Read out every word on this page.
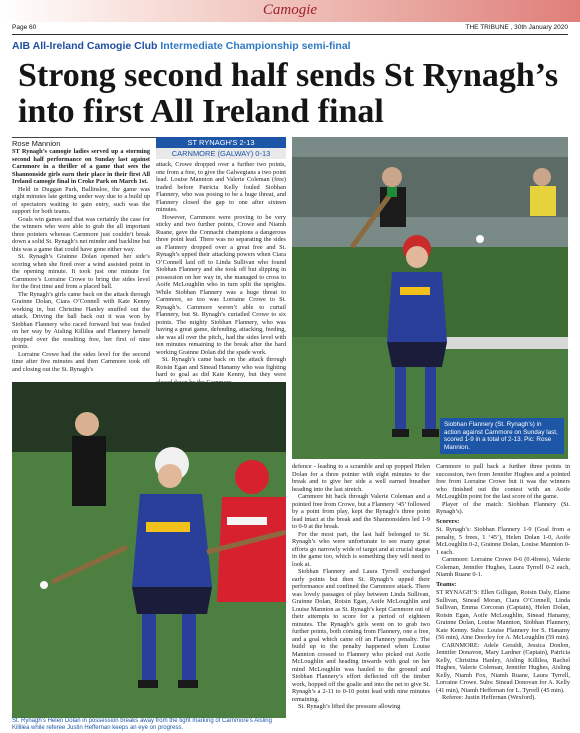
Camogie
Page 60	THE TRIBUNE , 30th January 2020
AIB All-Ireland Camogie Club Intermediate Championship semi-final
Strong second half sends St Rynagh’s into first All Ireland final
Rose Mannion

ST Rynagh’s camogie ladies served up a storming second half performance on Sunday last against Carnmore in a thriller of a game that sees the Shannonside girls earn their place in their first All Ireland camogie final in Croke Park on March 1st.

Held in Duggan Park, Ballinsloe, the game was eight minutes late getting under way due to a build up of spectators waiting to gain entry, such was the support for both teams.

Goals win games and that was certainly the case for the winners who were able to grab the all important three pointers whereas Carnmore just couldn’t break down a solid St. Rynagh’s net minder and backline but this was a game that could have gone either way.

St. Rynagh’s Grainne Dolan opened her side’s scoring when she fired over a wind assisted point in the opening minute. It took just one minute for Carnmore’s Lorraine Crowe to bring the sides level for the first time and from a placed ball.

The Rynagh’s girls came back on the attack through Grainne Dolan, Ciara O’Connell with Kate Kenny working in, but Christine Hanley snuffed out the attack. Driving the ball back out it was won by Siobhan Flannery who raced forward but was fouled on her way by Aisling Killilea and Flannery herself dropped over the resulting free, her first of nine points.

Lorraine Crowe had the sides level for the second time after five minutes and then Carnmore took off and closing out the St. Rynagh’s

ST RYNAGH'S 2-13
CARNMORE (GALWAY) 0-13

attack, Crowe dropped over a further two points, one from a free, to give the Galwegians a two point lead. Louise Mannion and Valerie Coleman (free) traded before Patricia Kelly fouled Siobhan Flannery, who was posing to be a huge threat, and Flannery closed the gap to one after sixteen minutes.

However, Carnmore were proving to be very sticky and two further points, Crowe and Niamh Ruane, gave the Connacht champions a dangerous three point lead. There was no separating the sides as Flannery dropped over a great free and St. Rynagh’s upped their attacking powers when Ciara O’Connell laid off to Linda Sullivan who found Siobhan Flannery and she took off but slipping in possession on her way in, she managed to cross to Aoife McLoughlin who in turn split the uprights. While Siobhan Flannery was a huge threat to Carnmore, so too was Lorraine Crowe to St. Rynagh’s. Carnmore weren’t able to curtail Flannery, but St. Rynagh’s curtailed Crowe to six points. The mighty Siobhan Flannery, who was having a great game, defending, attacking, feeding, she was all over the pitch,, had the sides level with ten minutes remaining to the break after the hard working Grainne Dolan did the spade work.

St. Rynagh’s came back on the attack through Roisin Egan and Sinead Hanamy who was fighting hard to goal as did Kate Kenny, but they were

Siobhan Flannery (St. Rynagh’s) in action against Carnmore on Sunday last, scored 1-9 in a total of 2-13. Pic: Rose Mannion.
St. Rynagh’s Helen Dolan in possession breaks away from the tight marking of Carnmore’s Aisling Killilea while referee Justin Heffernan keeps an eye on progress.

defence - leading to a scramble and up popped Helen Dolan for a three pointer with eight minutes to the break and to give her side a well earned breather heading into the last stretch.

Carnmore hit back through Valerie Coleman and a pointed free from Crowe, but a Flannery ‘45’ followed by a point from play, kept the Rynagh’s three point lead intact at the break and the Shannonsiders led 1-9 to 0-9 at the break.

For the most part, the last half belonged to St. Rynagh’s who were unfortunate to see many great efforts go narrowly wide of target and at crucial stages in the game too, which is something they will need to look at.

Siobhan Flannery and Laura Tyrrell exchanged early points but then St. Rynagh’s upped their performance and confined the Carnmore attack. There was lovely passages of play between Linda Sullivan, Grainne Dolan, Roisin Egan, Aoife McLoughlin and Louise Mannion as St. Rynagh’s kept Carnmore out of their attempts to score for a period of eighteen minutes. The Rynagh’s girls went on to grab two further points, both coming from Flannery, one a free, and a goal which came off an Flannery penalty. The build up to the penalty happened when Louise Mannion crossed to Flannery who picked out Aoife McLoughlin and heading inwards with goal on her mind McLoughlin was hauled to the ground and Siobhan Flannery’s effort deflected off the timber work, hopped off the goalie and into the net to give St. Rynagh’s a 2-11 to 0-10 point lead with nine minutes remaining.

St. Rynagh’s lifted the pressure allowing

Carnmore to pull back a further three points in succession, two from Jennifer Hughes and a pointed free from Lorraine Crowe but it was the winners who finished out the contest with an Aoife McLoughlin point for the last score of the game.

Player of the match: Siobhan Flannery (St. Rynagh’s).

Scorers:

St. Rynagh’s: Siobhan Flannery 1-9 (Goal from a penalty, 5 frees, 1 ‘45’), Helen Dolan 1-0, Aoife McLoughlin 0-2, Grainne Dolan, Louise Mannion 0-1 each.

Carnmore: Lorraine Crowe 0-6 (0.4frees), Valerie Coleman, Jennifer Hughes, Laura Tyrrell 0-2 each, Niamh Ruane 0-1.

Teams:

ST RYNAGH’S: Ellen Gilligan, Roisin Daly, Elaine Sullivan, Sinead Moran, Ciara O’Connell, Linda Sullivan, Emma Corcoran (Captain), Helen Dolan, Roisin Egan, Aoife McLoughlin, Sinead Hanamy, Grainne Dolan, Louise Mannion, Siobhan Flannery, Kate Kenny. Subs: Louise Flannery for S. Hanamy (56 min), Aine Doorley for A. McLoughlin (59 min).

CARNMORE: Adele Geraldi, Jessica Donlon, Jennifer Donavon, Mary Lardner (Captain), Patricia Kelly, Christina Hanley, Aisling Killilea, Rachel Hughes, Valerie Coleman, Jennifer Hughes, Aisling Kelly, Niamh Fox, Niamh Ruane, Laura Tyrrell, Lorraine Crowe. Subs: Sinead Donovan for A. Kelly (41 min), Niamh Heffernan for L. Tyrrell (45 min).

Referee: Justin Heffernan (Wexford).
